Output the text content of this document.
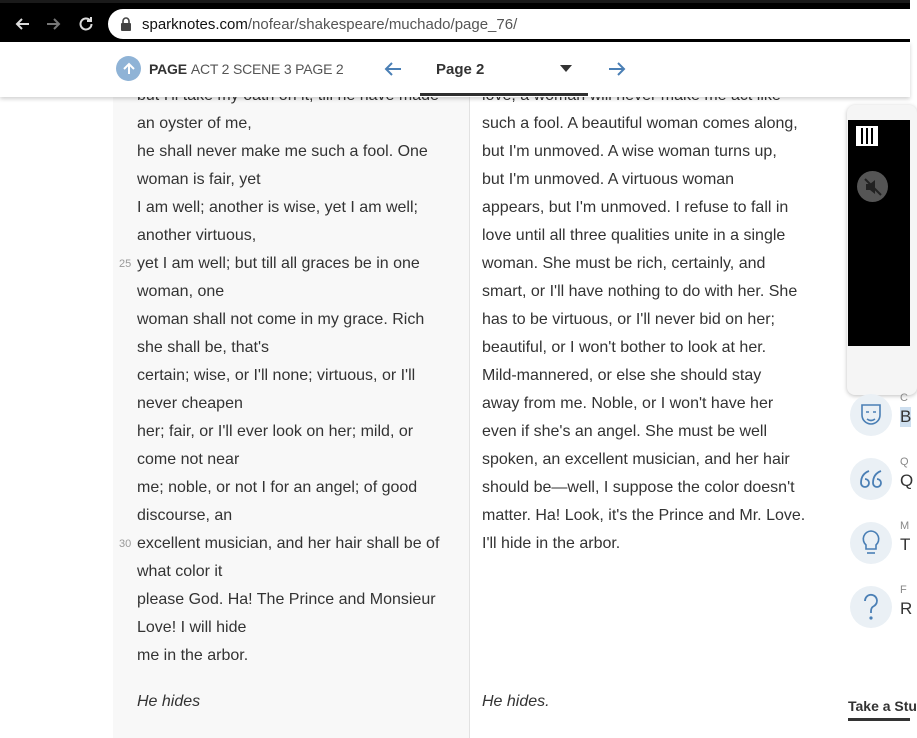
sparknotes.com/nofear/shakespeare/muchado/page_76/
PAGE ACT 2 SCENE 3 PAGE 2	Page 2
an oyster of me,
he shall never make me such a fool. One
woman is fair, yet
I am well; another is wise, yet I am well;
another virtuous,
25 yet I am well; but till all graces be in one
woman, one
woman shall not come in my grace. Rich
she shall be, that's
certain; wise, or I'll none; virtuous, or I'll
never cheapen
her; fair, or I'll ever look on her; mild, or
come not near
me; noble, or not I for an angel; of good
discourse, an
30 excellent musician, and her hair shall be of
what color it
please God. Ha! The Prince and Monsieur
Love! I will hide
me in the arbor.
He hides
such a fool. A beautiful woman comes along,
but I'm unmoved. A wise woman turns up,
but I'm unmoved. A virtuous woman
appears, but I'm unmoved. I refuse to fall in
love until all three qualities unite in a single
woman. She must be rich, certainly, and
smart, or I'll have nothing to do with her. She
has to be virtuous, or I'll never bid on her;
beautiful, or I won't bother to look at her.
Mild-mannered, or else she should stay
away from me. Noble, or I won't have her
even if she's an angel. She must be well
spoken, an excellent musician, and her hair
should be—well, I suppose the color doesn't
matter. Ha! Look, it's the Prince and Mr. Love.
I'll hide in the arbor.
He hides.
C
B
Q
Q
M
T
F
R
Take a Stu
